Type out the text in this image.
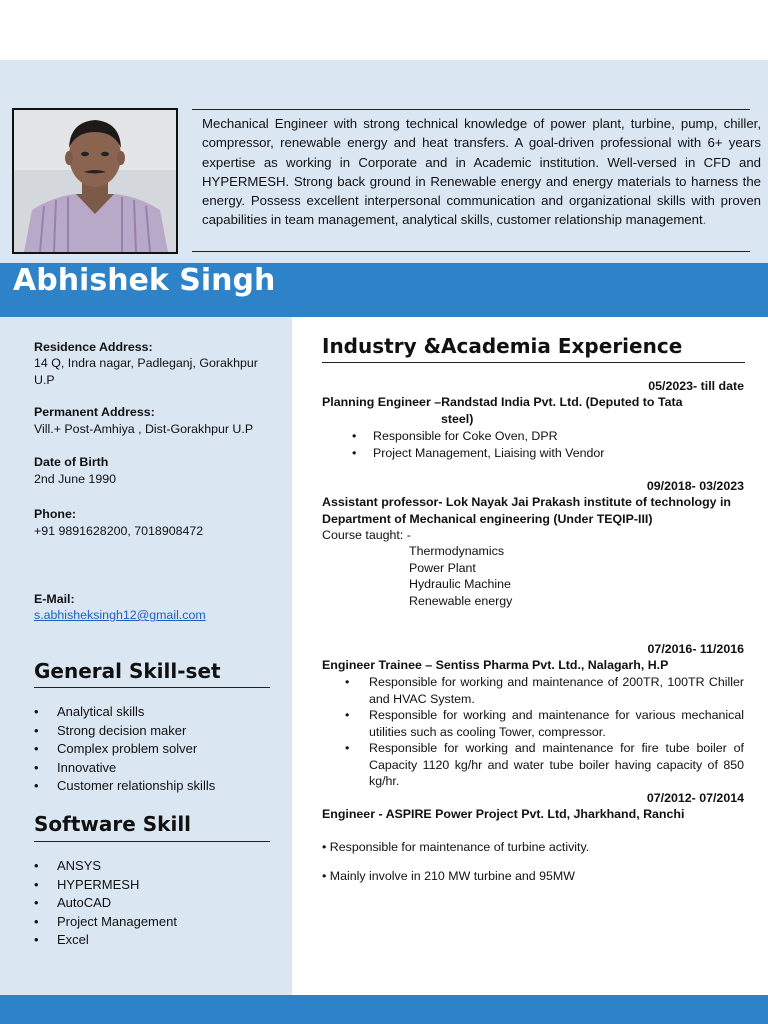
Mechanical Engineer with strong technical knowledge of power plant, turbine, pump, chiller, compressor, renewable energy and heat transfers. A goal-driven professional with 6+ years expertise as working in Corporate and in Academic institution. Well-versed in CFD and HYPERMESH. Strong back ground in Renewable energy and energy materials to harness the energy. Possess excellent interpersonal communication and organizational skills with proven capabilities in team management, analytical skills, customer relationship management.

Abhishek Singh

Residence Address:

14 Q, Indra nagar, Padleganj, Gorakhpur U.P

Permanent Address:

Vill.+ Post-Amhiya , Dist-Gorakhpur U.P

Date of Birth

2nd June 1990

Phone:

+91 9891628200, 7018908472

E-Mail:

s.abhisheksingh12@gmail.com

General Skill-set
• Analytical skills
• Strong decision maker
• Complex problem solver
• Innovative
• Customer relationship skills
Software Skill
• ANSYS
• HYPERMESH
• AutoCAD
• Project Management
• Excel
Industry &Academia Experience

05/2023- till date

Planning Engineer –Randstad India Pvt. Ltd. (Deputed to Tata

steel)

• Responsible for Coke Oven, DPR
• Project Management, Liaising with Vendor

09/2018- 03/2023

Assistant professor- Lok Nayak Jai Prakash institute of technology in Department of Mechanical engineering (Under TEQIP-III)

Course taught: -

Thermodynamics
Power Plant
Hydraulic Machine
Renewable energy

07/2016- 11/2016

Engineer Trainee – Sentiss Pharma Pvt. Ltd., Nalagarh, H.P

• Responsible for working and maintenance of 200TR, 100TR Chiller and HVAC System.
• Responsible for working and maintenance for various mechanical utilities such as cooling Tower, compressor.
• Responsible for working and maintenance for fire tube boiler of Capacity 1120 kg/hr and water tube boiler having capacity of 850 kg/hr.

07/2012- 07/2014

Engineer - ASPIRE Power Project Pvt. Ltd, Jharkhand, Ranchi

• Responsible for maintenance of turbine activity.

• Mainly involve in 210 MW turbine and 95MW
